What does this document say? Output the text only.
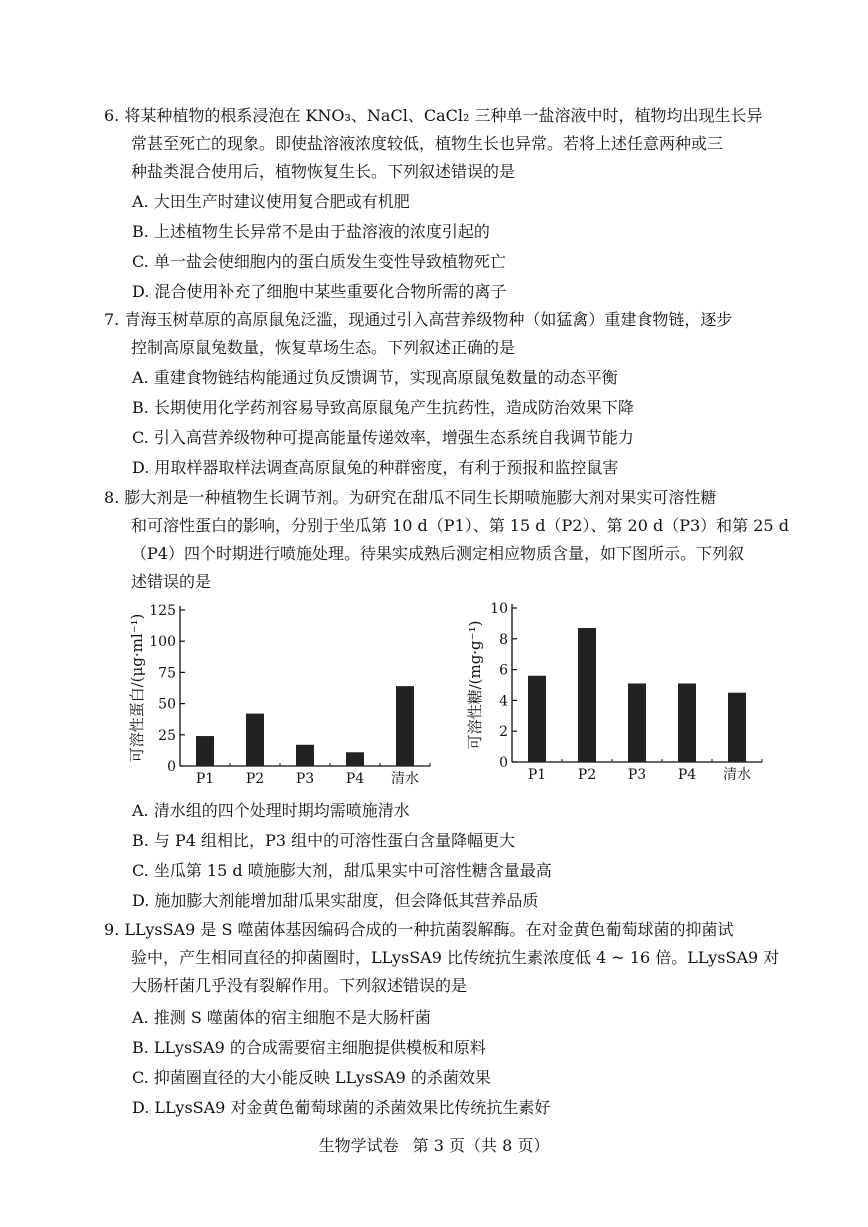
6. 将某种植物的根系浸泡在 KNO₃、NaCl、CaCl₂ 三种单一盐溶液中时，植物均出现生长异
常甚至死亡的现象。即使盐溶液浓度较低，植物生长也异常。若将上述任意两种或三
种盐类混合使用后，植物恢复生长。下列叙述错误的是
A. 大田生产时建议使用复合肥或有机肥
B. 上述植物生长异常不是由于盐溶液的浓度引起的
C. 单一盐会使细胞内的蛋白质发生变性导致植物死亡
D. 混合使用补充了细胞中某些重要化合物所需的离子
7. 青海玉树草原的高原鼠兔泛滥，现通过引入高营养级物种（如猛禽）重建食物链，逐步
控制高原鼠兔数量，恢复草场生态。下列叙述正确的是
A. 重建食物链结构能通过负反馈调节，实现高原鼠兔数量的动态平衡
B. 长期使用化学药剂容易导致高原鼠兔产生抗药性，造成防治效果下降
C. 引入高营养级物种可提高能量传递效率，增强生态系统自我调节能力
D. 用取样器取样法调查高原鼠兔的种群密度，有利于预报和监控鼠害
8. 膨大剂是一种植物生长调节剂。为研究在甜瓜不同生长期喷施膨大剂对果实可溶性糖
和可溶性蛋白的影响，分别于坐瓜第 10 d（P1）、第 15 d（P2）、第 20 d（P3）和第 25 d
（P4）四个时期进行喷施处理。待果实成熟后测定相应物质含量，如下图所示。下列叙
述错误的是
0
25
50
75
100
125
P1 P2 P3 P4 清水
可溶性蛋白/(μg·ml⁻¹)
0
2
4
6
8
10
P1 P2 P3 P4 清水
可溶性糖/(mg·g⁻¹)
A. 清水组的四个处理时期均需喷施清水
B. 与 P4 组相比，P3 组中的可溶性蛋白含量降幅更大
C. 坐瓜第 15 d 喷施膨大剂，甜瓜果实中可溶性糖含量最高
D. 施加膨大剂能增加甜瓜果实甜度，但会降低其营养品质
9. LLysSA9 是 S 噬菌体基因编码合成的一种抗菌裂解酶。在对金黄色葡萄球菌的抑菌试
验中，产生相同直径的抑菌圈时，LLysSA9 比传统抗生素浓度低 4 ~ 16 倍。LLysSA9 对
大肠杆菌几乎没有裂解作用。下列叙述错误的是
A. 推测 S 噬菌体的宿主细胞不是大肠杆菌
B. LLysSA9 的合成需要宿主细胞提供模板和原料
C. 抑菌圈直径的大小能反映 LLysSA9 的杀菌效果
D. LLysSA9 对金黄色葡萄球菌的杀菌效果比传统抗生素好
生物学试卷 第 3 页（共 8 页）
